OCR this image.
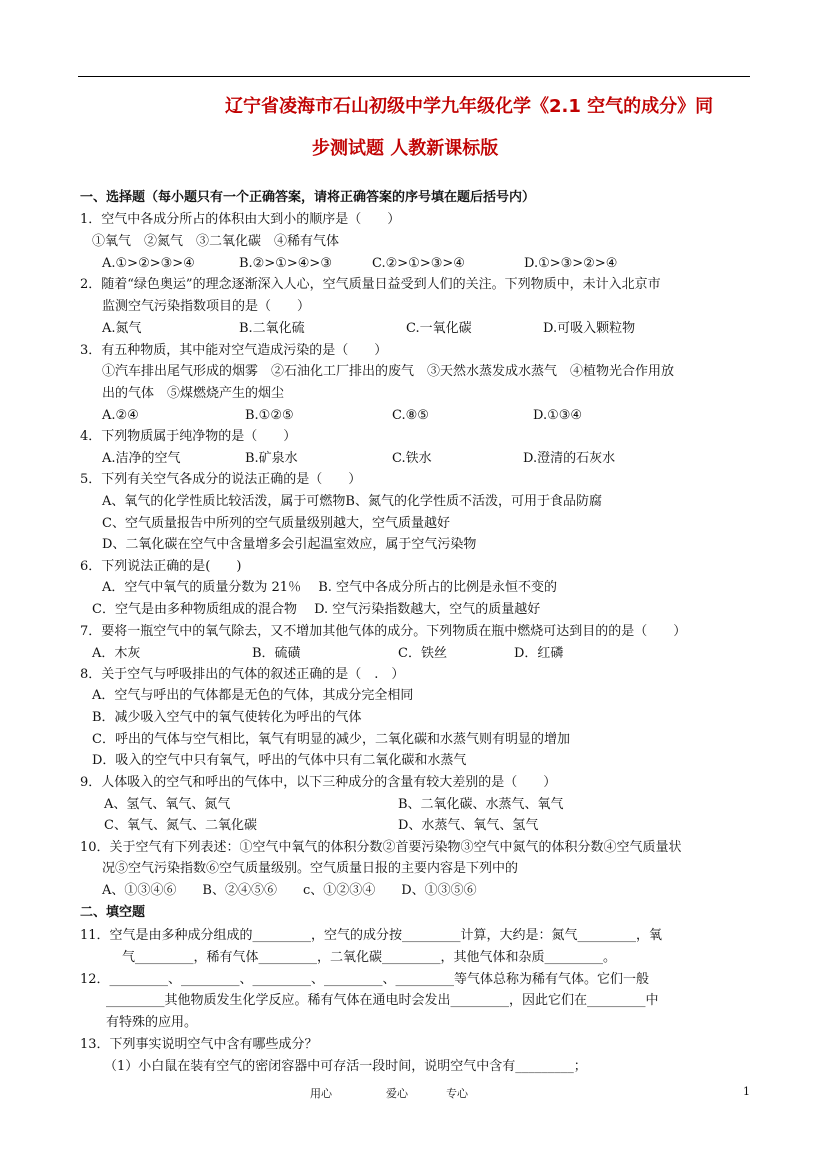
辽宁省凌海市石山初级中学九年级化学《2.1 空气的成分》同
步测试题 人教新课标版
一、选择题（每小题只有一个正确答案，请将正确答案的序号填在题后括号内）
1．空气中各成分所占的体积由大到小的顺序是（　　）
①氧气　②氮气　③二氧化碳　④稀有气体
A.①>②>③>④	B.②>①>④>③	C.②>①>③>④	D.①>③>②>④
2．随着“绿色奥运”的理念逐渐深入人心，空气质量日益受到人们的关注。下列物质中，未计入北京市
监测空气污染指数项目的是（　　）
A.氮气	B.二氧化硫	C.一氧化碳	D.可吸入颗粒物
3．有五种物质，其中能对空气造成污染的是（　　）
①汽车排出尾气形成的烟雾　②石油化工厂排出的废气　③天然水蒸发成水蒸气　④植物光合作用放
出的气体　⑤煤燃烧产生的烟尘
A.②④	B.①②⑤	C.⑧⑤	D.①③④
4．下列物质属于纯净物的是（　　）
A.洁净的空气	B.矿泉水	C.铁水	D.澄清的石灰水
5．下列有关空气各成分的说法正确的是（　　）
A、氧气的化学性质比较活泼，属于可燃物B、氮气的化学性质不活泼，可用于食品防腐
C、空气质量报告中所列的空气质量级别越大，空气质量越好
D、二氧化碳在空气中含量增多会引起温室效应，属于空气污染物
6．下列说法正确的是(　　)
A．空气中氧气的质量分数为 21％　 B. 空气中各成分所占的比例是永恒不变的
C．空气是由多种物质组成的混合物　 D. 空气污染指数越大，空气的质量越好
7．要将一瓶空气中的氧气除去，又不增加其他气体的成分。下列物质在瓶中燃烧可达到目的的是（　　）
A．木灰	B．硫磺	C．铁丝	D．红磷
8．关于空气与呼吸排出的气体的叙述正确的是（　.　）
A．空气与呼出的气体都是无色的气体，其成分完全相同
B．减少吸入空气中的氧气使转化为呼出的气体
C．呼出的气体与空气相比，氧气有明显的减少，二氧化碳和水蒸气则有明显的增加
D．吸入的空气中只有氧气，呼出的气体中只有二氧化碳和水蒸气
9．人体吸入的空气和呼出的气体中，以下三种成分的含量有较大差别的是（　　）
A、氢气、氧气、氮气	B、二氧化碳、水蒸气、氧气
C、氧气、氮气、二氧化碳	D、水蒸气、氧气、氢气
10．关于空气有下列表述：①空气中氧气的体积分数②首要污染物③空气中氮气的体积分数④空气质量状
况⑤空气污染指数⑥空气质量级别。空气质量日报的主要内容是下列中的
A、①③④⑥　　B、②④⑤⑥　　c、①②③④　　D、①③⑤⑥
二、填空题
11．空气是由多种成分组成的_________，空气的成分按_________计算，大约是：氮气_________，氧
气_________，稀有气体_________，二氧化碳_________，其他气体和杂质_________。
12．_________、_________、_________、_________、_________等气体总称为稀有气体。它们一般
_________其他物质发生化学反应。稀有气体在通电时会发出_________，因此它们在_________中
有特殊的应用。
13．下列事实说明空气中含有哪些成分？
（1）小白鼠在装有空气的密闭容器中可存活一段时间，说明空气中含有_________；
用心	爱心	专心	1
